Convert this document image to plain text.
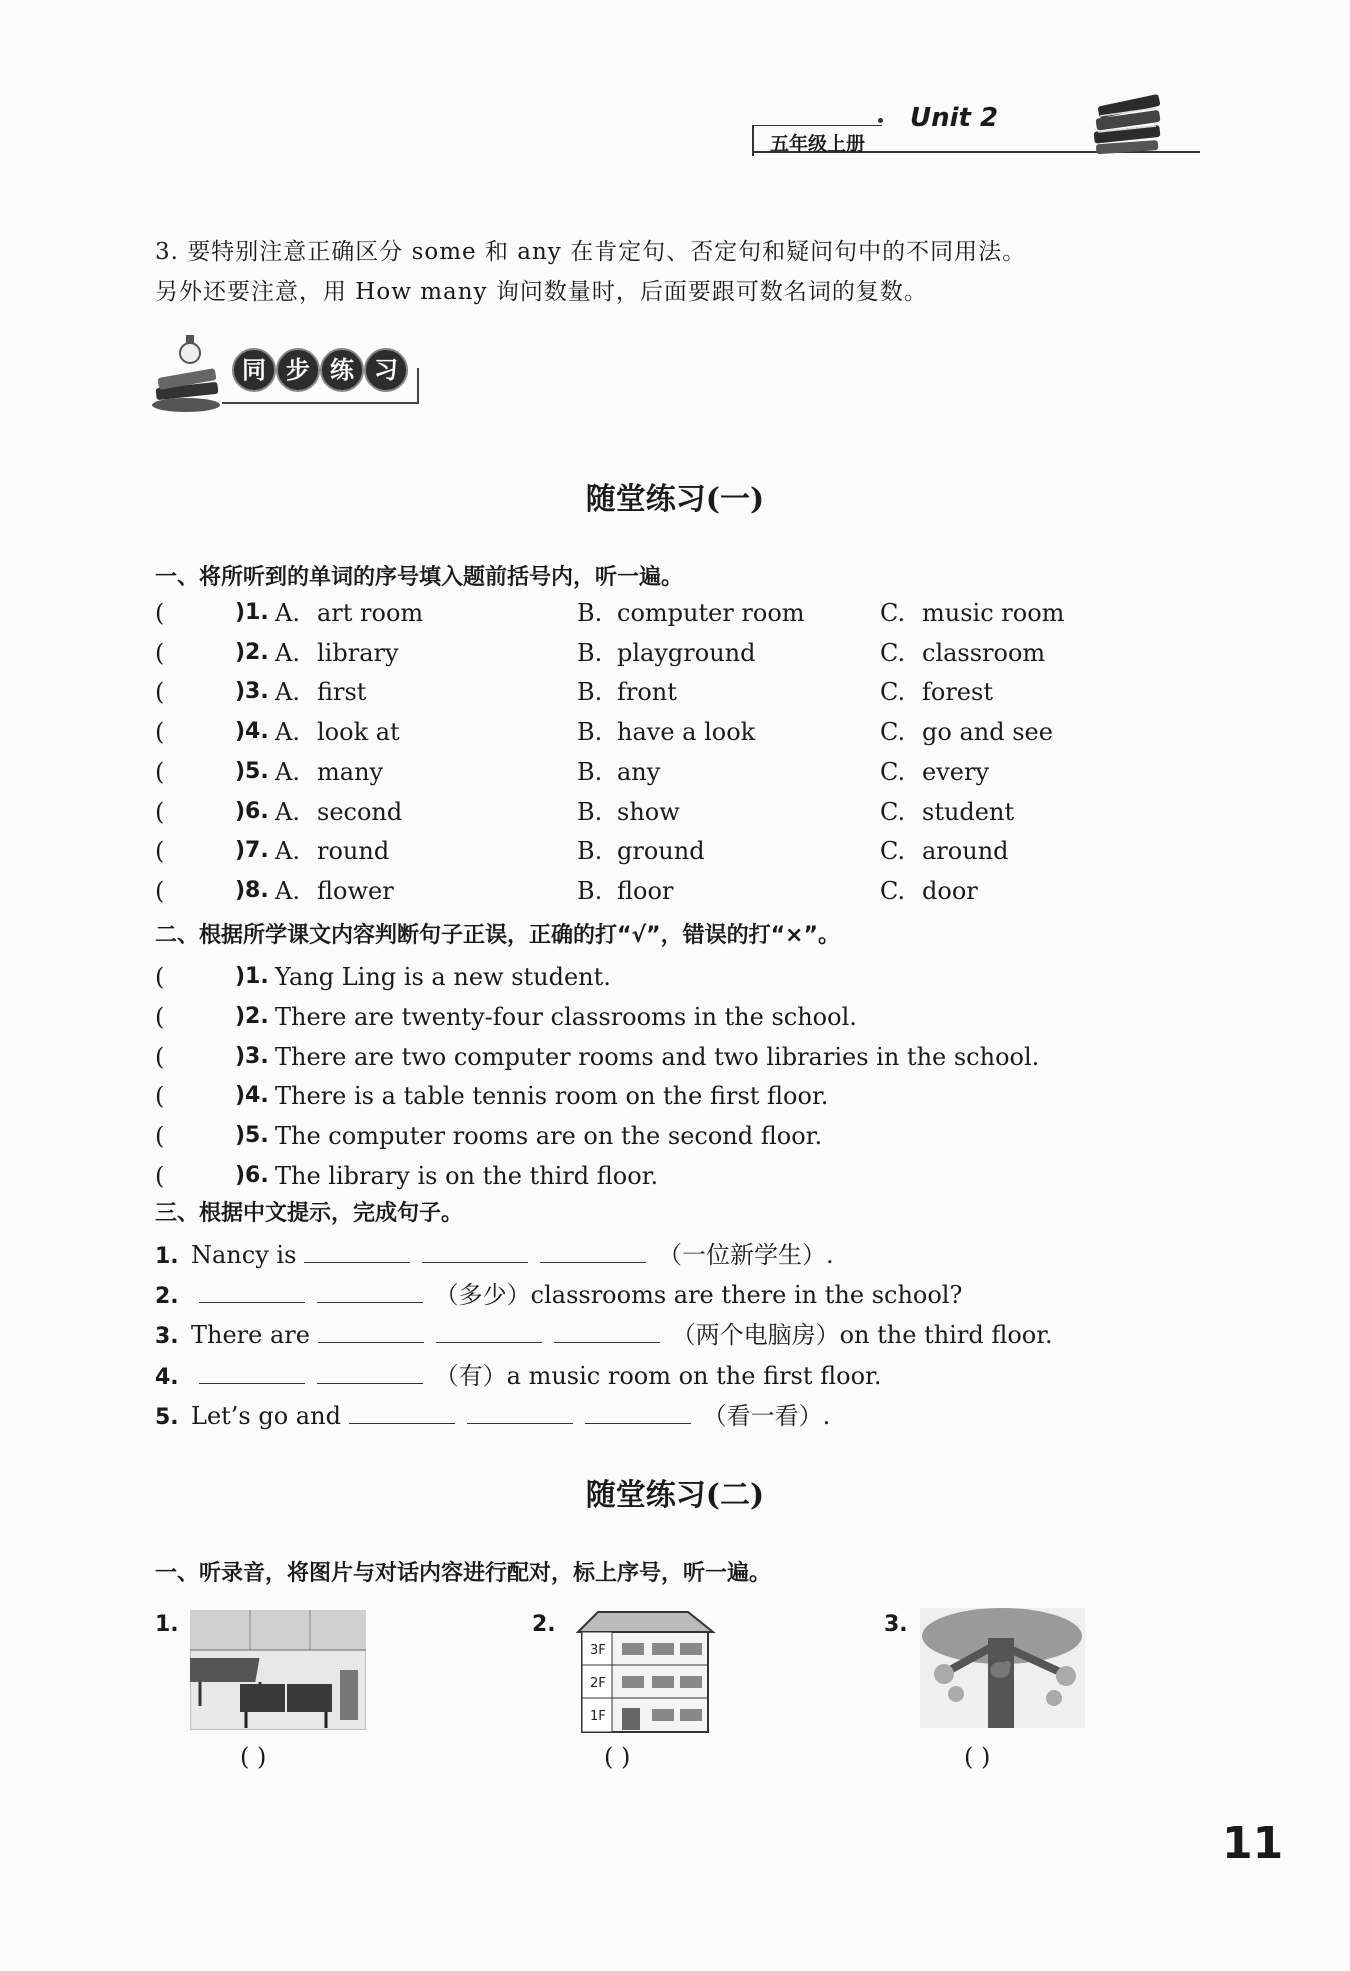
五年级上册
Unit 2
3. 要特别注意正确区分 some 和 any 在肯定句、否定句和疑问句中的不同用法。
另外还要注意，用 How many 询问数量时，后面要跟可数名词的复数。
同 步 练 习
随堂练习(一)
一、将所听到的单词的序号填入题前括号内，听一遍。
二、根据所学课文内容判断句子正误，正确的打“√”，错误的打“×”。
三、根据中文提示，完成句子。
随堂练习(二)
一、听录音，将图片与对话内容进行配对，标上序号，听一遍。
1.
( )
2.
3F
2F
1F
( )
3.
( )
11
(	)1. A. art room	B. computer room	C. music room
(	)2. A. library	B. playground	C. classroom
(	)3. A. first	B. front	C. forest
(	)4. A. look at	B. have a look	C. go and see
(	)5. A. many	B. any	C. every
(	)6. A. second	B. show	C. student
(	)7. A. round	B. ground	C. around
(	)8. A. flower	B. floor	C. door
(	)1. Yang Ling is a new student.
(	)2. There are twenty-four classrooms in the school.
(	)3. There are two computer rooms and two libraries in the school.
(	)4. There is a table tennis room on the first floor.
(	)5. The computer rooms are on the second floor.
(	)6. The library is on the third floor.
1. Nancy is	（一位新学生）.
2.	（多少）classrooms are there in the school?
3. There are	（两个电脑房）on the third floor.
4.	（有）a music room on the first floor.
5. Let’s go and	（看一看）.
